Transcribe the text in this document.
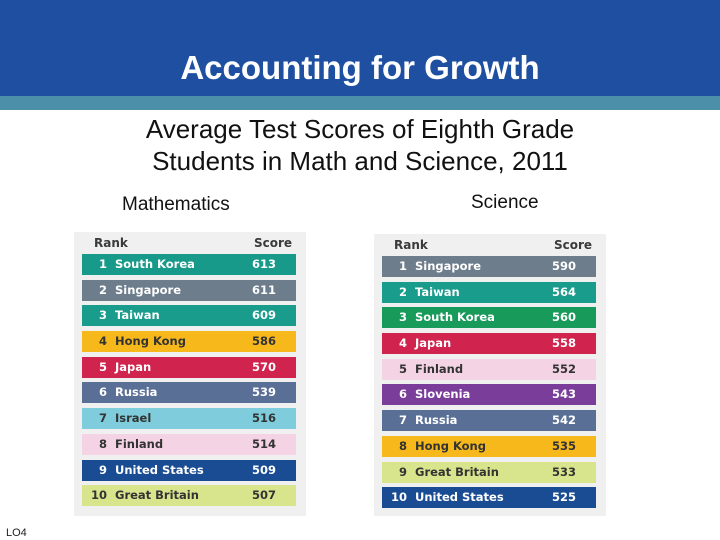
Accounting for Growth
Average Test Scores of Eighth Grade
Students in Math and Science, 2011
Mathematics	Science
Rank	Score
1 South Korea	613
2 Singapore	611
3 Taiwan	609
4 Hong Kong	586
5 Japan	570
6 Russia	539
7 Israel	516
8 Finland	514
9 United States	509
10 Great Britain	507
Rank	Score
1 Singapore	590
2 Taiwan	564
3 South Korea	560
4 Japan	558
5 Finland	552
6 Slovenia	543
7 Russia	542
8 Hong Kong	535
9 Great Britain	533
10 United States	525
LO4
